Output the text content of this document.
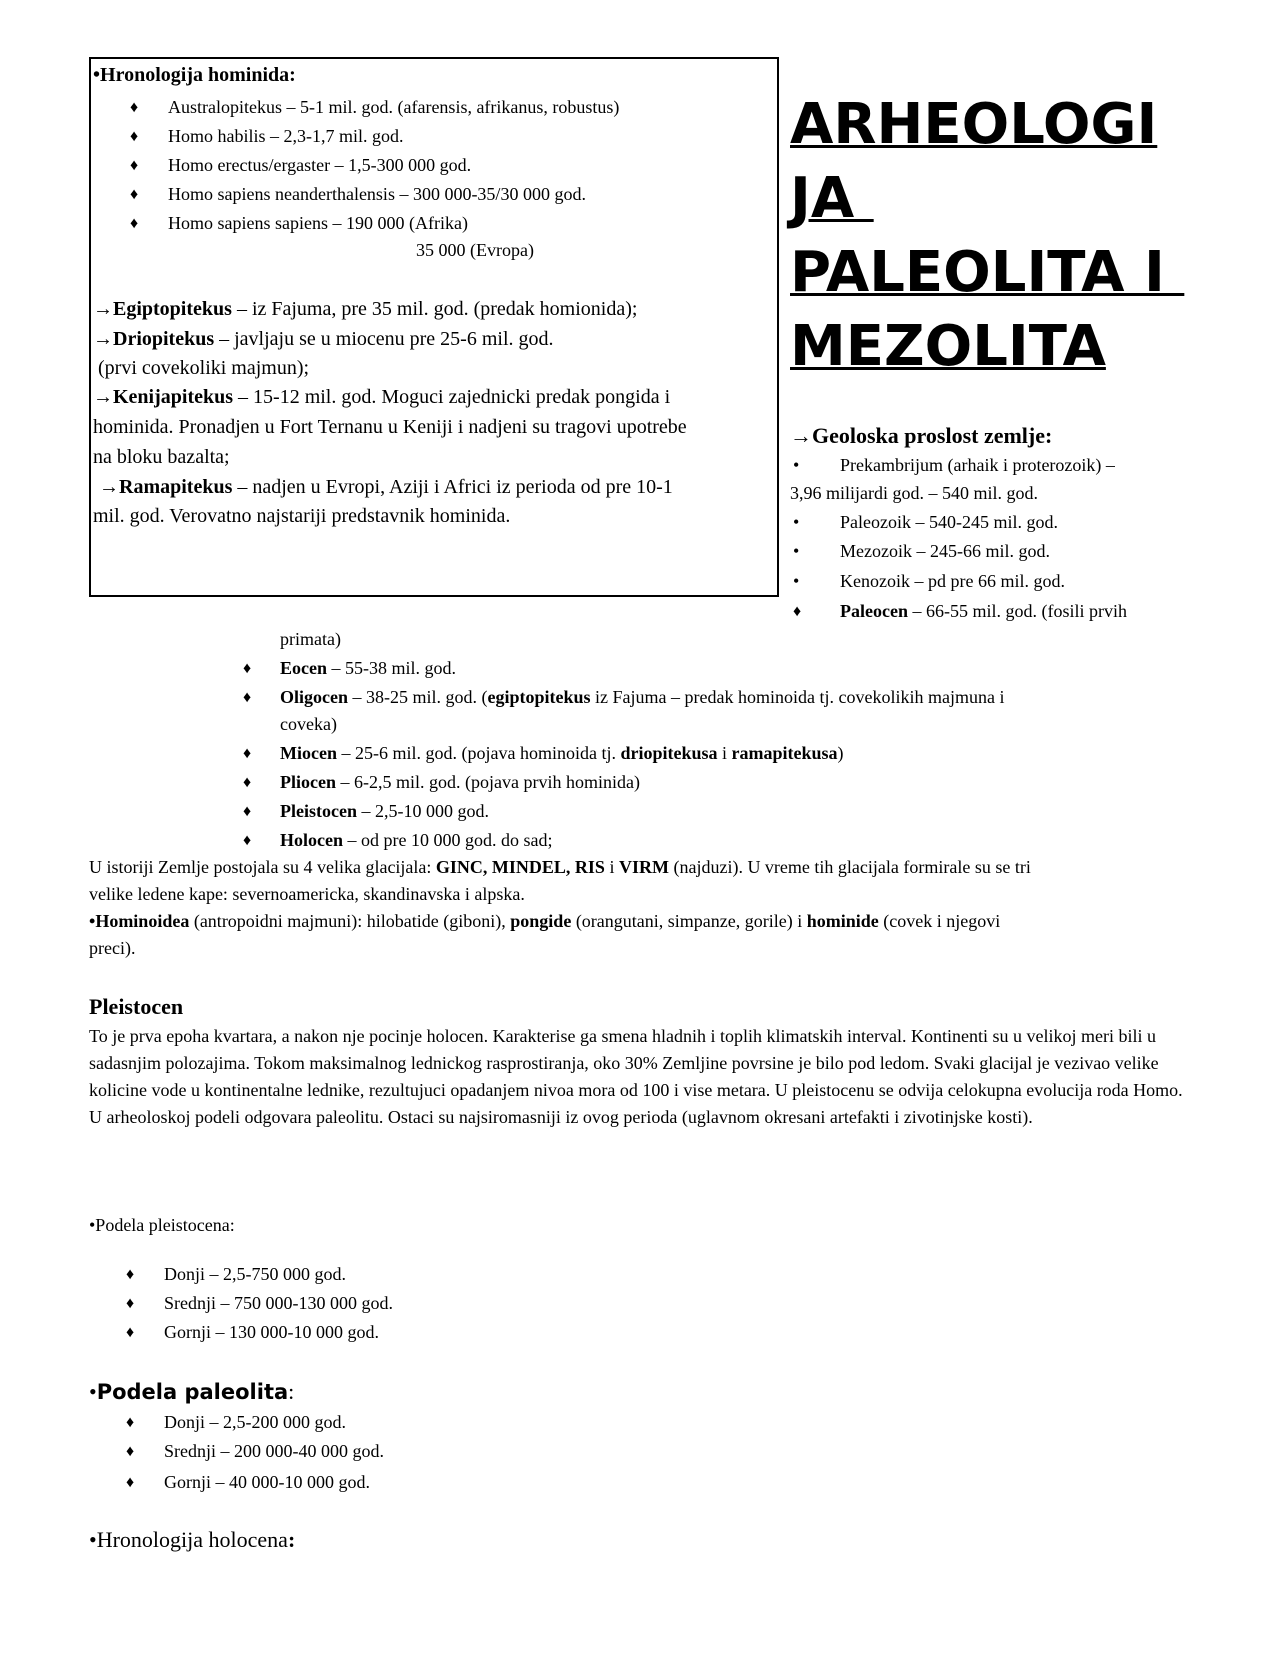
•Hronologija hominida:
♦ Australopitekus – 5-1 mil. god. (afarensis, afrikanus, robustus)
♦ Homo habilis – 2,3-1,7 mil. god.
♦ Homo erectus/ergaster – 1,5-300 000 god.
♦ Homo sapiens neanderthalensis – 300 000-35/30 000 god.
♦ Homo sapiens sapiens – 190 000 (Afrika)
35 000 (Evropa)
→Egiptopitekus – iz Fajuma, pre 35 mil. god. (predak homionida);
→Driopitekus – javljaju se u miocenu pre 25-6 mil. god.
(prvi covekoliki majmun);
→Kenijapitekus – 15-12 mil. god. Moguci zajednicki predak pongida i
hominida. Pronadjen u Fort Ternanu u Keniji i nadjeni su tragovi upotrebe
na bloku bazalta;
→Ramapitekus – nadjen u Evropi, Aziji i Africi iz perioda od pre 10-1
mil. god. Verovatno najstariji predstavnik hominida.
ARHEOLOGI
JA
PALEOLITA I
MEZOLITA
→Geoloska proslost zemlje:
• Prekambrijum (arhaik i proterozoik) –
3,96 milijardi god. – 540 mil. god.
• Paleozoik – 540-245 mil. god.
• Mezozoik – 245-66 mil. god.
• Kenozoik – pd pre 66 mil. god.
♦ Paleocen – 66-55 mil. god. (fosili prvih
primata)
♦ Eocen – 55-38 mil. god.
♦ Oligocen – 38-25 mil. god. (egiptopitekus iz Fajuma – predak hominoida tj. covekolikih majmuna i
coveka)
♦ Miocen – 25-6 mil. god. (pojava hominoida tj. driopitekusa i ramapitekusa)
♦ Pliocen – 6-2,5 mil. god. (pojava prvih hominida)
♦ Pleistocen – 2,5-10 000 god.
♦ Holocen – od pre 10 000 god. do sad;
U istoriji Zemlje postojala su 4 velika glacijala: GINC, MINDEL, RIS i VIRM (najduzi). U vreme tih glacijala formirale su se tri
velike ledene kape: severnoamericka, skandinavska i alpska.
•Hominoidea (antropoidni majmuni): hilobatide (giboni), pongide (orangutani, simpanze, gorile) i hominide (covek i njegovi
preci).
Pleistocen
To je prva epoha kvartara, a nakon nje pocinje holocen. Karakterise ga smena hladnih i toplih klimatskih interval. Kontinenti su u velikoj meri bili u sadasnjim polozajima. Tokom maksimalnog lednickog rasprostiranja, oko 30% Zemljine povrsine je bilo pod ledom. Svaki glacijal je vezivao velike kolicine vode u kontinentalne lednike, rezultujuci opadanjem nivoa mora od 100 i vise metara. U pleistocenu se odvija celokupna evolucija roda Homo. U arheoloskoj podeli odgovara paleolitu. Ostaci su najsiromasniji iz ovog perioda (uglavnom okresani artefakti i zivotinjske kosti).
•Podela pleistocena:
♦ Donji – 2,5-750 000 god.
♦ Srednji – 750 000-130 000 god.
♦ Gornji – 130 000-10 000 god.
•Podela paleolita:
♦ Donji – 2,5-200 000 god.
♦ Srednji – 200 000-40 000 god.
♦ Gornji – 40 000-10 000 god.
•Hronologija holocena:
